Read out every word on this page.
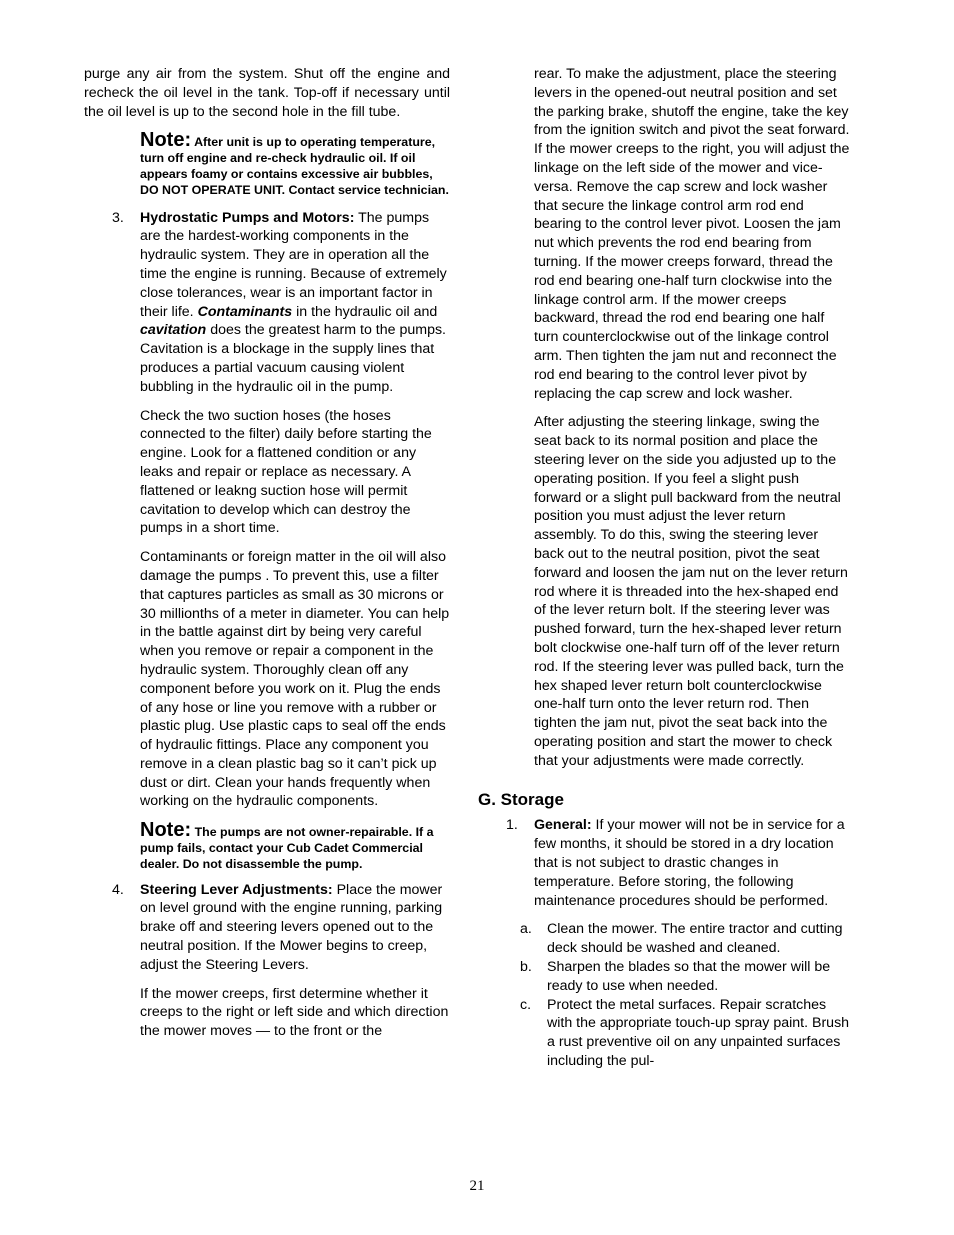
purge any air from the system. Shut off the engine and recheck the oil level in the tank. Top-off if necessary until the oil level is up to the second hole in the fill tube.

Note: After unit is up to operating temperature, turn off engine and re-check hydraulic oil. If oil appears foamy or contains excessive air bubbles, DO NOT OPERATE UNIT. Contact service technician.
3. Hydrostatic Pumps and Motors: The pumps are the hardest-working components in the hydraulic system. They are in operation all the time the engine is running. Because of extremely close tolerances, wear is an important factor in their life. Contaminants in the hydraulic oil and cavitation does the greatest harm to the pumps. Cavitation is a blockage in the supply lines that produces a partial vacuum causing violent bubbling in the hydraulic oil in the pump.

Check the two suction hoses (the hoses connected to the filter) daily before starting the engine. Look for a flattened condition or any leaks and repair or replace as necessary. A flattened or leakng suction hose will permit cavitation to develop which can destroy the pumps in a short time.

Contaminants or foreign matter in the oil will also damage the pumps . To prevent this, use a filter that captures particles as small as 30 microns or 30 millionths of a meter in diameter. You can help in the battle against dirt by being very careful when you remove or repair a component in the hydraulic system. Thoroughly clean off any component before you work on it. Plug the ends of any hose or line you remove with a rubber or plastic plug. Use plastic caps to seal off the ends of hydraulic fittings. Place any component you remove in a clean plastic bag so it can’t pick up dust or dirt. Clean your hands frequently when working on the hydraulic components.

Note: The pumps are not owner-repairable. If a pump fails, contact your Cub Cadet Commercial dealer. Do not disassemble the pump.
4. Steering Lever Adjustments: Place the mower on level ground with the engine running, parking brake off and steering levers opened out to the neutral position. If the Mower begins to creep, adjust the Steering Levers.

If the mower creeps, first determine whether it creeps to the right or left side and which direction the mower moves — to the front or the

rear. To make the adjustment, place the steering levers in the opened-out neutral position and set the parking brake, shutoff the engine, take the key from the ignition switch and pivot the seat forward. If the mower creeps to the right, you will adjust the linkage on the left side of the mower and vice-versa. Remove the cap screw and lock washer that secure the linkage control arm rod end bearing to the control lever pivot. Loosen the jam nut which prevents the rod end bearing from turning. If the mower creeps forward, thread the rod end bearing one-half turn clockwise into the linkage control arm. If the mower creeps backward, thread the rod end bearing one half turn counterclockwise out of the linkage control arm. Then tighten the jam nut and reconnect the rod end bearing to the control lever pivot by replacing the cap screw and lock washer.

After adjusting the steering linkage, swing the seat back to its normal position and place the steering lever on the side you adjusted up to the operating position. If you feel a slight push forward or a slight pull backward from the neutral position you must adjust the lever return assembly. To do this, swing the steering lever back out to the neutral position, pivot the seat forward and loosen the jam nut on the lever return rod where it is threaded into the hex-shaped end of the lever return bolt. If the steering lever was pushed forward, turn the hex-shaped lever return bolt clockwise one-half turn off of the lever return rod. If the steering lever was pulled back, turn the hex shaped lever return bolt counterclockwise one-half turn onto the lever return rod. Then tighten the jam nut, pivot the seat back into the operating position and start the mower to check that your adjustments were made correctly.

G. Storage
1. General: If your mower will not be in service for a few months, it should be stored in a dry location that is not subject to drastic changes in temperature. Before storing, the following maintenance procedures should be performed.

a. Clean the mower. The entire tractor and cutting deck should be washed and cleaned.

b. Sharpen the blades so that the mower will be ready to use when needed.

c. Protect the metal surfaces. Repair scratches with the appropriate touch-up spray paint. Brush a rust preventive oil on any unpainted surfaces including the pul-

21
